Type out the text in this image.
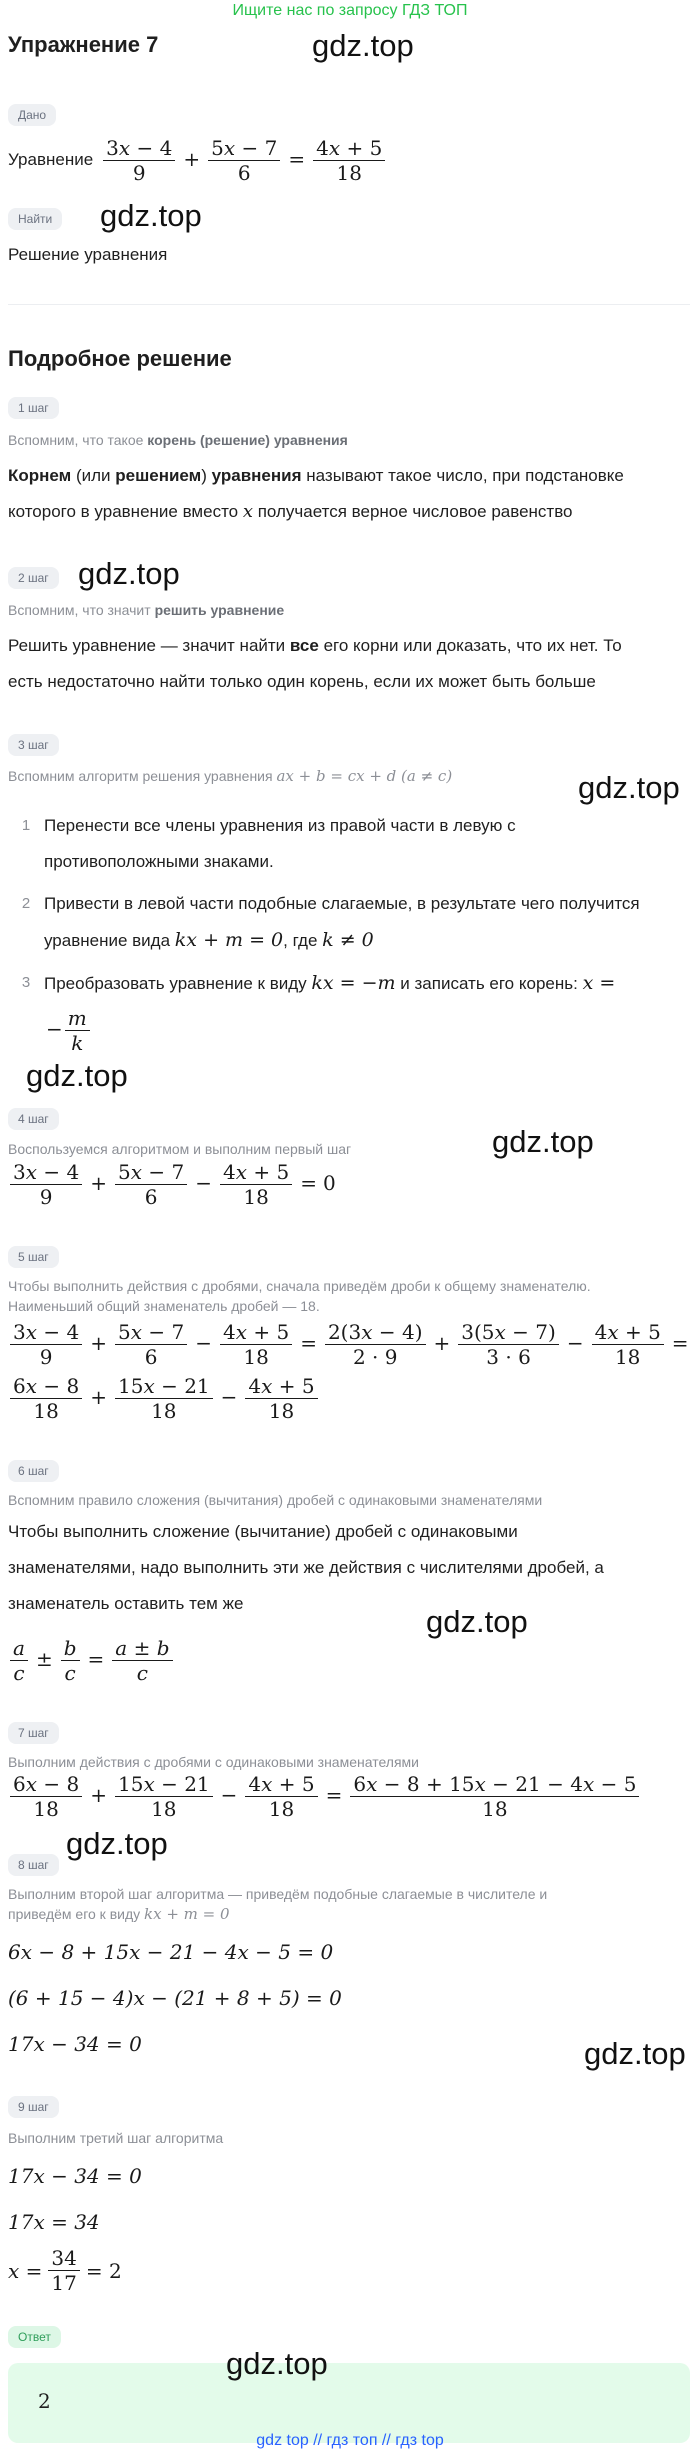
Ищите нас по запросу ГДЗ ТОП
Упражнение 7	gdz.top
Дано
Уравнение $\frac{3x - 4}{9} + \frac{5x - 7}{6} = \frac{4x + 5}{18}$
Найти	gdz.top
Решение уравнения
Подробное решение
1 шаг
Вспомним, что такое корень (решение) уравнения
Корнем (или решением) уравнения называют такое число, при подстановке
которого в уравнение вместо x получается верное числовое равенство
2 шаг gdz.top
Вспомним, что значит решить уравнение
Решить уравнение — значит найти все его корни или доказать, что их нет. То
есть недостаточно найти только один корень, если их может быть больше
3 шаг
Вспомним алгоритм решения уравнения ax + b = cx + d (a ≠ c)	gdz.top
1 Перенести все члены уравнения из правой части в левую с
противоположными знаками.
2 Привести в левой части подобные слагаемые, в результате чего получится
уравнение вида kx + m = 0, где k ≠ 0
3 Преобразовать уравнение к виду kx = −m и записать его корень: x =
− $\frac{m}{k}$
gdz.top
4 шаг
gdz.top
Воспользуемся алгоритмом и выполним первый шаг
$\frac{3x - 4}{9} + \frac{5x - 7}{6} - \frac{4x + 5}{18} = 0$
5 шаг
Чтобы выполнить действия с дробями, сначала приведём дроби к общему знаменателю.
Наименьший общий знаменатель дробей — 18.
$\frac{3x - 4}{9} + \frac{5x - 7}{6} - \frac{4x + 5}{18} = \frac{2(3x - 4)}{2 \cdot 9} + \frac{3(5x - 7)}{3 \cdot 6} - \frac{4x + 5}{18}$ =
$\frac{6x - 8}{18} + \frac{15x - 21}{18} - \frac{4x + 5}{18}$
6 шаг
Вспомним правило сложения (вычитания) дробей с одинаковыми знаменателями
Чтобы выполнить сложение (вычитание) дробей с одинаковыми
знаменателями, надо выполнить эти же действия с числителями дробей, а
знаменатель оставить тем же
gdz.top
$\frac{a}{c} \pm \frac{b}{c} = \frac{a \pm b}{c}$
7 шаг
Выполним действия с дробями с одинаковыми знаменателями
$\frac{6x - 8}{18} + \frac{15x - 21}{18} - \frac{4x + 5}{18} = \frac{6x - 8 + 15x - 21 - 4x - 5}{18}$
8 шаг
gdz.top
Выполним второй шаг алгоритма — приведём подобные слагаемые в числителе и
приведём его к виду kx + m = 0
6x − 8 + 15x − 21 − 4x − 5 = 0
(6 + 15 − 4)x − (21 + 8 + 5) = 0
17x − 34 = 0	gdz.top
9 шаг
Выполним третий шаг алгоритма
17x − 34 = 0
17x = 34
$x = \frac{34}{17} = 2$
Ответ
2
gdz.top
gdz top // гдз топ // гдз top
